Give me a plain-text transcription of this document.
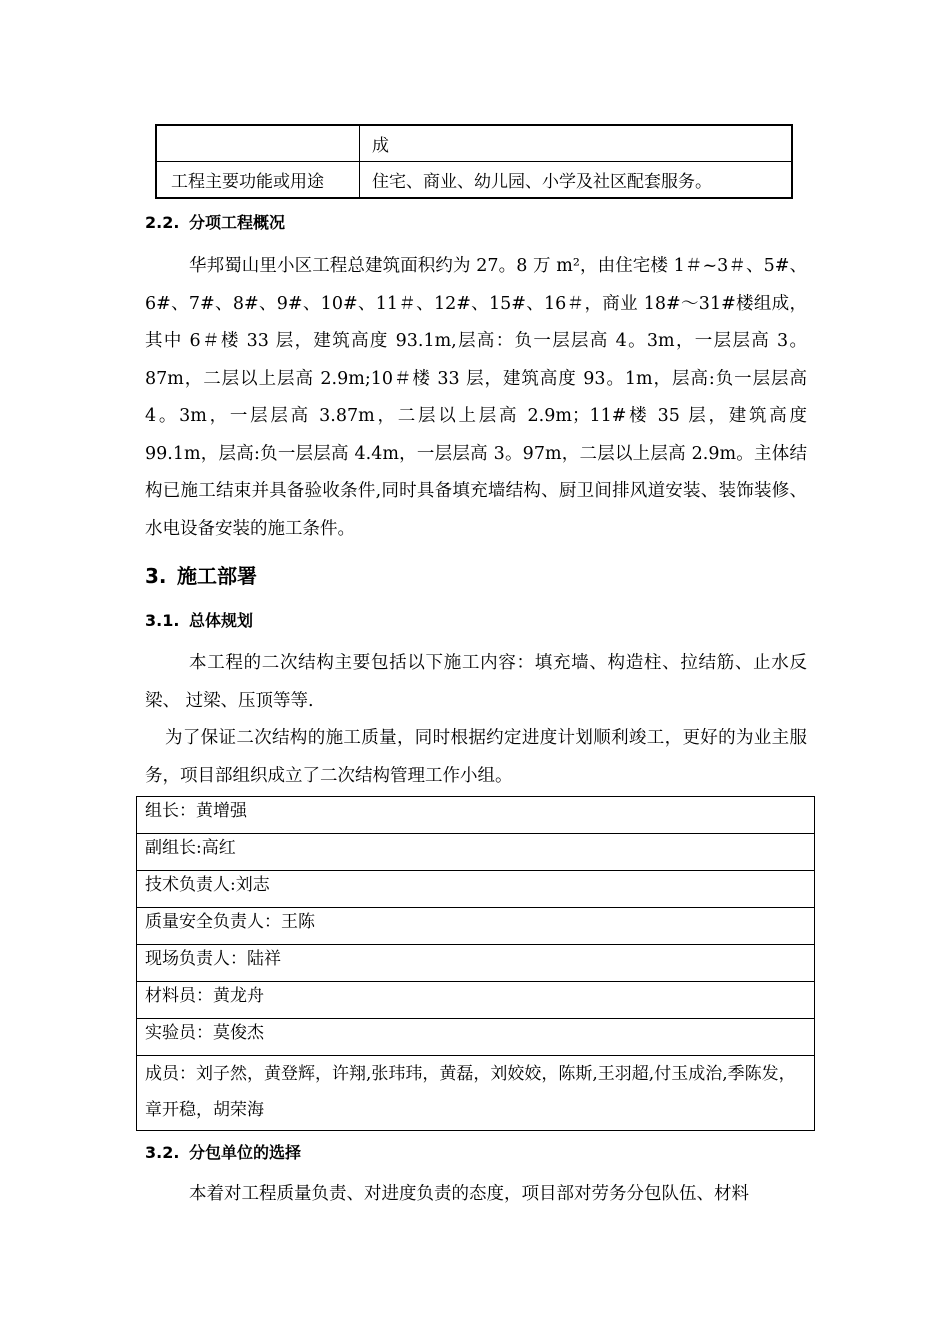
	成
工程主要功能或用途	住宅、商业、幼儿园、小学及社区配套服务。
2.2. 分项工程概况
华邦蜀山里小区工程总建筑面积约为 27。8 万 m²，由住宅楼 1＃~3＃、5#、6#、7#、8#、9#、10#、11＃、12#、15#、16＃，商业 18#～31#楼组成，其中 6＃楼 33 层，建筑高度 93.1m,层高：负一层层高 4。3m，一层层高 3。87m，二层以上层高 2.9m;10＃楼 33 层，建筑高度 93。1m，层高:负一层层高 4。3m，一层层高 3.87m，二层以上层高 2.9m；11#楼 35 层，建筑高度 99.1m，层高:负一层层高 4.4m，一层层高 3。97m，二层以上层高 2.9m。主体结构已施工结束并具备验收条件,同时具备填充墙结构、厨卫间排风道安装、装饰装修、水电设备安装的施工条件。
3. 施工部署
3.1. 总体规划
本工程的二次结构主要包括以下施工内容：填充墙、构造柱、拉结筋、止水反梁、 过梁、压顶等等.
为了保证二次结构的施工质量，同时根据约定进度计划顺利竣工，更好的为业主服务，项目部组织成立了二次结构管理工作小组。
组长：黄增强
副组长:高红
技术负责人:刘志
质量安全负责人：王陈
现场负责人：陆祥
材料员：黄龙舟
实验员：莫俊杰
成员：刘子然，黄登辉，许翔,张玮玮，黄磊，刘姣姣，陈斯,王羽超,付玉成治,季陈发，章开稳，胡荣海
3.2. 分包单位的选择
本着对工程质量负责、对进度负责的态度，项目部对劳务分包队伍、材料
